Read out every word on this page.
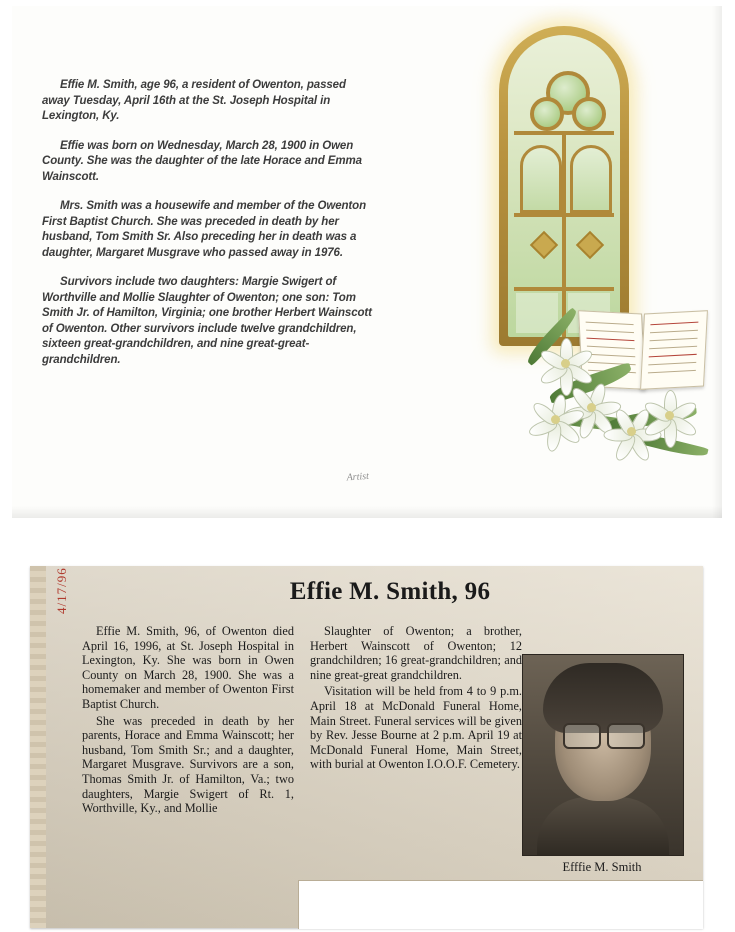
Effie M. Smith, age 96, a resident of Owenton, passed away Tuesday, April 16th at the St. Joseph Hospital in Lexington, Ky.

Effie was born on Wednesday, March 28, 1900 in Owen County. She was the daughter of the late Horace and Emma Wainscott.

Mrs. Smith was a housewife and member of the Owenton First Baptist Church. She was preceded in death by her husband, Tom Smith Sr. Also preceding her in death was a daughter, Margaret Musgrave who passed away in 1976.

Survivors include two daughters: Margie Swigert of Worthville and Mollie Slaughter of Owenton; one son: Tom Smith Jr. of Hamilton, Virginia; one brother Herbert Wainscott of Owenton. Other survivors include twelve grandchildren, sixteen great-grandchildren, and nine great-great-grandchildren.

Artist
4/17/96	Effie M. Smith, 96

Effie M. Smith, 96, of Owenton died April 16, 1996, at St. Joseph Hospital in Lexington, Ky. She was born in Owen County on March 28, 1900. She was a homemaker and member of Owenton First Baptist Church.

She was preceded in death by her parents, Horace and Emma Wainscott; her husband, Tom Smith Sr.; and a daughter, Margaret Musgrave. Survivors are a son, Thomas Smith Jr. of Hamilton, Va.; two daughters, Margie Swigert of Rt. 1, Worthville, Ky., and Mollie

Slaughter of Owenton; a brother, Herbert Wainscott of Owenton; 12 grandchildren; 16 great-grandchildren; and nine great-great grandchildren.

Visitation will be held from 4 to 9 p.m. April 18 at McDonald Funeral Home, Main Street. Funeral services will be given by Rev. Jesse Bourne at 2 p.m. April 19 at McDonald Funeral Home, Main Street, with burial at Owenton I.O.O.F. Cemetery.

Efffie M. Smith
